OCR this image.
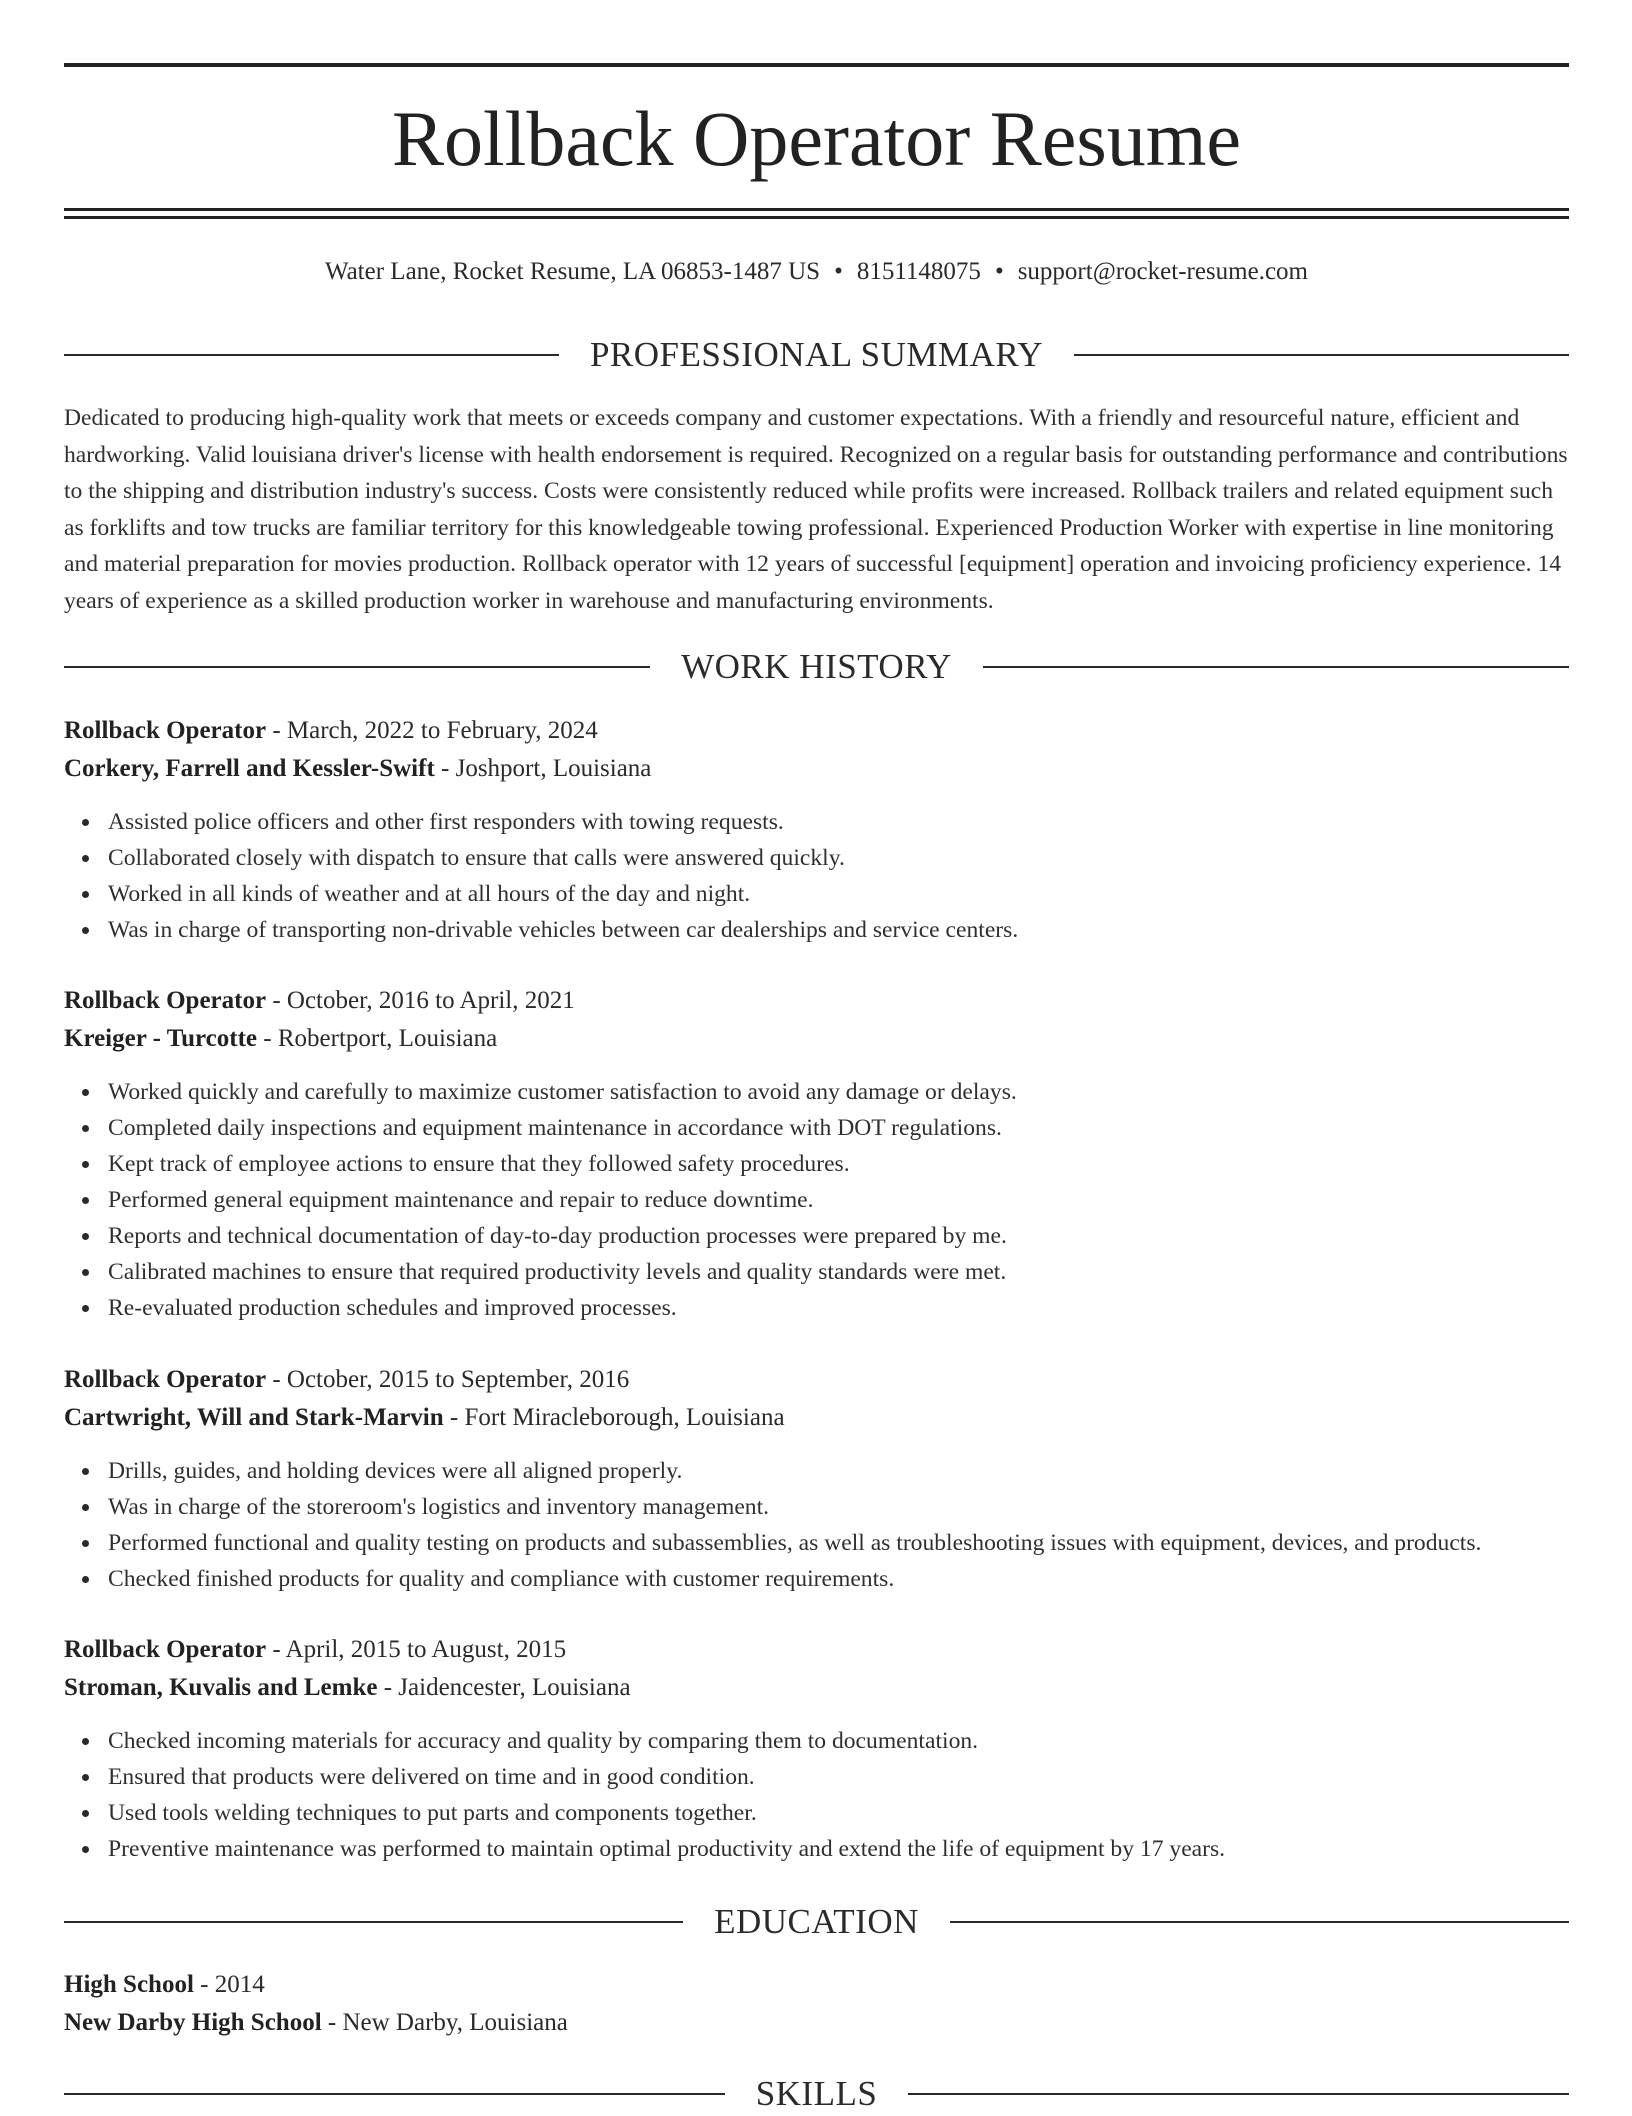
Rollback Operator Resume
Water Lane, Rocket Resume, LA 06853-1487 US • 8151148075 • support@rocket-resume.com
PROFESSIONAL SUMMARY

Dedicated to producing high-quality work that meets or exceeds company and customer expectations. With a friendly and resourceful nature, efficient and hardworking. Valid louisiana driver's license with health endorsement is required. Recognized on a regular basis for outstanding performance and contributions to the shipping and distribution industry's success. Costs were consistently reduced while profits were increased. Rollback trailers and related equipment such as forklifts and tow trucks are familiar territory for this knowledgeable towing professional. Experienced Production Worker with expertise in line monitoring and material preparation for movies production. Rollback operator with 12 years of successful [equipment] operation and invoicing proficiency experience. 14 years of experience as a skilled production worker in warehouse and manufacturing environments.

WORK HISTORY
Rollback Operator - March, 2022 to February, 2024
Corkery, Farrell and Kessler-Swift - Joshport, Louisiana
Assisted police officers and other first responders with towing requests.
Collaborated closely with dispatch to ensure that calls were answered quickly.
Worked in all kinds of weather and at all hours of the day and night.
Was in charge of transporting non-drivable vehicles between car dealerships and service centers.
Rollback Operator - October, 2016 to April, 2021
Kreiger - Turcotte - Robertport, Louisiana
Worked quickly and carefully to maximize customer satisfaction to avoid any damage or delays.
Completed daily inspections and equipment maintenance in accordance with DOT regulations.
Kept track of employee actions to ensure that they followed safety procedures.
Performed general equipment maintenance and repair to reduce downtime.
Reports and technical documentation of day-to-day production processes were prepared by me.
Calibrated machines to ensure that required productivity levels and quality standards were met.
Re-evaluated production schedules and improved processes.
Rollback Operator - October, 2015 to September, 2016
Cartwright, Will and Stark-Marvin - Fort Miracleborough, Louisiana
Drills, guides, and holding devices were all aligned properly.
Was in charge of the storeroom's logistics and inventory management.
Performed functional and quality testing on products and subassemblies, as well as troubleshooting issues with equipment, devices, and products.
Checked finished products for quality and compliance with customer requirements.
Rollback Operator - April, 2015 to August, 2015
Stroman, Kuvalis and Lemke - Jaidencester, Louisiana
Checked incoming materials for accuracy and quality by comparing them to documentation.
Ensured that products were delivered on time and in good condition.
Used tools welding techniques to put parts and components together.
Preventive maintenance was performed to maintain optimal productivity and extend the life of equipment by 17 years.
EDUCATION
High School - 2014
New Darby High School - New Darby, Louisiana
SKILLS
